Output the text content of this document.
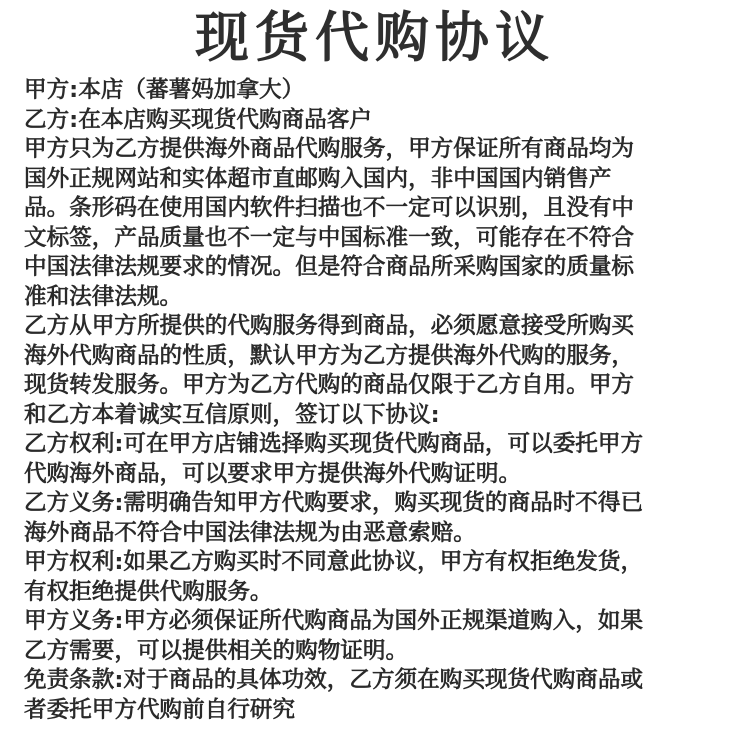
现货代购协议
甲方:本店（蕃薯妈加拿大）
乙方:在本店购买现货代购商品客户
甲方只为乙方提供海外商品代购服务，甲方保证所有商品均为
国外正规网站和实体超市直邮购入国内，非中国国内销售产
品。条形码在使用国内软件扫描也不一定可以识别，且没有中
文标签，产品质量也不一定与中国标准一致，可能存在不符合
中国法律法规要求的情况。但是符合商品所采购国家的质量标
准和法律法规。
乙方从甲方所提供的代购服务得到商品，必须愿意接受所购买
海外代购商品的性质，默认甲方为乙方提供海外代购的服务，
现货转发服务。甲方为乙方代购的商品仅限于乙方自用。甲方
和乙方本着诚实互信原则，签订以下协议:
乙方权利:可在甲方店铺选择购买现货代购商品，可以委托甲方
代购海外商品，可以要求甲方提供海外代购证明。
乙方义务:需明确告知甲方代购要求，购买现货的商品时不得已
海外商品不符合中国法律法规为由恶意索赔。
甲方权利:如果乙方购买时不同意此协议，甲方有权拒绝发货，
有权拒绝提供代购服务。
甲方义务:甲方必须保证所代购商品为国外正规渠道购入，如果
乙方需要，可以提供相关的购物证明。
免责条款:对于商品的具体功效，乙方须在购买现货代购商品或
者委托甲方代购前自行研究
